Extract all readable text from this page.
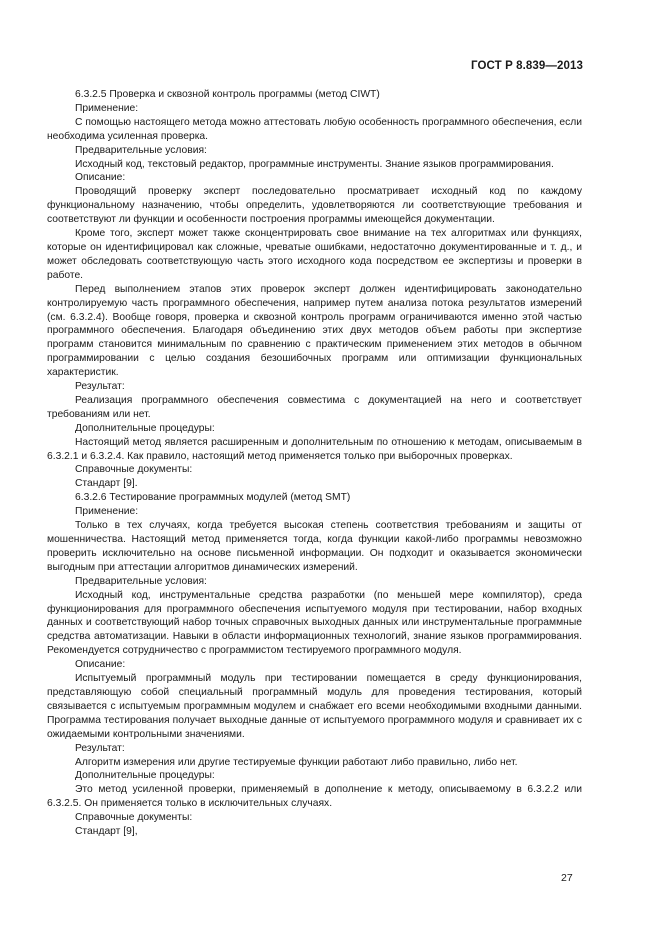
ГОСТ Р 8.839—2013

6.3.2.5 Проверка и сквозной контроль программы (метод CIWT)

Применение:

С помощью настоящего метода можно аттестовать любую особенность программного обеспечения, если необходима усиленная проверка.

Предварительные условия:

Исходный код, текстовый редактор, программные инструменты. Знание языков программирования.

Описание:

Проводящий проверку эксперт последовательно просматривает исходный код по каждому функциональному назначению, чтобы определить, удовлетворяются ли соответствующие требования и соответствуют ли функции и особенности построения программы имеющейся документации.

Кроме того, эксперт может также сконцентрировать свое внимание на тех алгоритмах или функциях, которые он идентифицировал как сложные, чреватые ошибками, недостаточно документированные и т. д., и может обследовать соответствующую часть этого исходного кода посредством ее экспертизы и проверки в работе.

Перед выполнением этапов этих проверок эксперт должен идентифицировать законодательно контролируемую часть программного обеспечения, например путем анализа потока результатов измерений (см. 6.3.2.4). Вообще говоря, проверка и сквозной контроль программ ограничиваются именно этой частью программного обеспечения. Благодаря объединению этих двух методов объем работы при экспертизе программ становится минимальным по сравнению с практическим применением этих методов в обычном программировании с целью создания безошибочных программ или оптимизации функциональных характеристик.

Результат:

Реализация программного обеспечения совместима с документацией на него и соответствует требованиям или нет.

Дополнительные процедуры:

Настоящий метод является расширенным и дополнительным по отношению к методам, описываемым в 6.3.2.1 и 6.3.2.4. Как правило, настоящий метод применяется только при выборочных проверках.

Справочные документы:

Стандарт [9].

6.3.2.6 Тестирование программных модулей (метод SMT)

Применение:

Только в тех случаях, когда требуется высокая степень соответствия требованиям и защиты от мошенничества. Настоящий метод применяется тогда, когда функции какой-либо программы невозможно проверить исключительно на основе письменной информации. Он подходит и оказывается экономически выгодным при аттестации алгоритмов динамических измерений.

Предварительные условия:

Исходный код, инструментальные средства разработки (по меньшей мере компилятор), среда функционирования для программного обеспечения испытуемого модуля при тестировании, набор входных данных и соответствующий набор точных справочных выходных данных или инструментальные программные средства автоматизации. Навыки в области информационных технологий, знание языков программирования. Рекомендуется сотрудничество с программистом тестируемого программного модуля.

Описание:

Испытуемый программный модуль при тестировании помещается в среду функционирования, представляющую собой специальный программный модуль для проведения тестирования, который связывается с испытуемым программным модулем и снабжает его всеми необходимыми входными данными. Программа тестирования получает выходные данные от испытуемого программного модуля и сравнивает их с ожидаемыми контрольными значениями.

Результат:

Алгоритм измерения или другие тестируемые функции работают либо правильно, либо нет.

Дополнительные процедуры:

Это метод усиленной проверки, применяемый в дополнение к методу, описываемому в 6.3.2.2 или 6.3.2.5. Он применяется только в исключительных случаях.

Справочные документы:

Стандарт [9],

27
